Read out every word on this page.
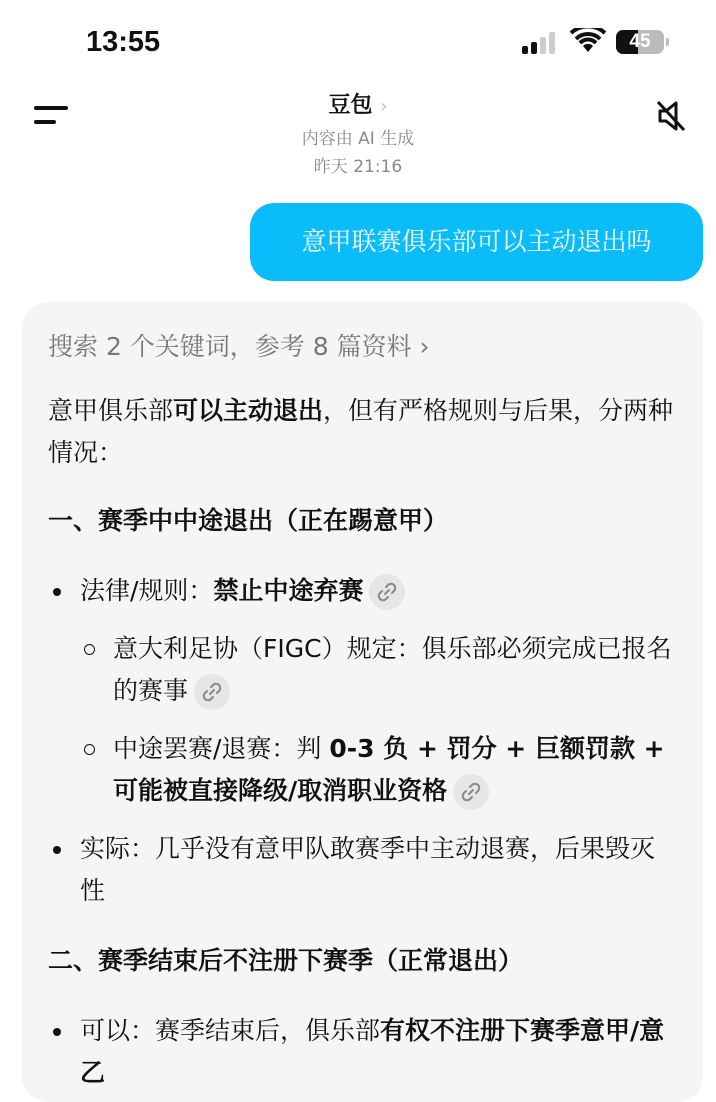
13:55	45
豆包 ›
内容由 AI 生成
昨天 21:16
意甲联赛俱乐部可以主动退出吗
搜索 2 个关键词，参考 8 篇资料 ›

意甲俱乐部可以主动退出，但有严格规则与后果，分两种情况：

一、赛季中中途退出（正在踢意甲）
法律/规则：禁止中途弃赛
意大利足协（FIGC）规定：俱乐部必须完成已报名的赛事
中途罢赛/退赛：判 0-3 负 + 罚分 + 巨额罚款 + 可能被直接降级/取消职业资格
实际：几乎没有意甲队敢赛季中主动退赛，后果毁灭性
二、赛季结束后不注册下赛季（正常退出）
可以：赛季结束后，俱乐部有权不注册下赛季意甲/意乙
